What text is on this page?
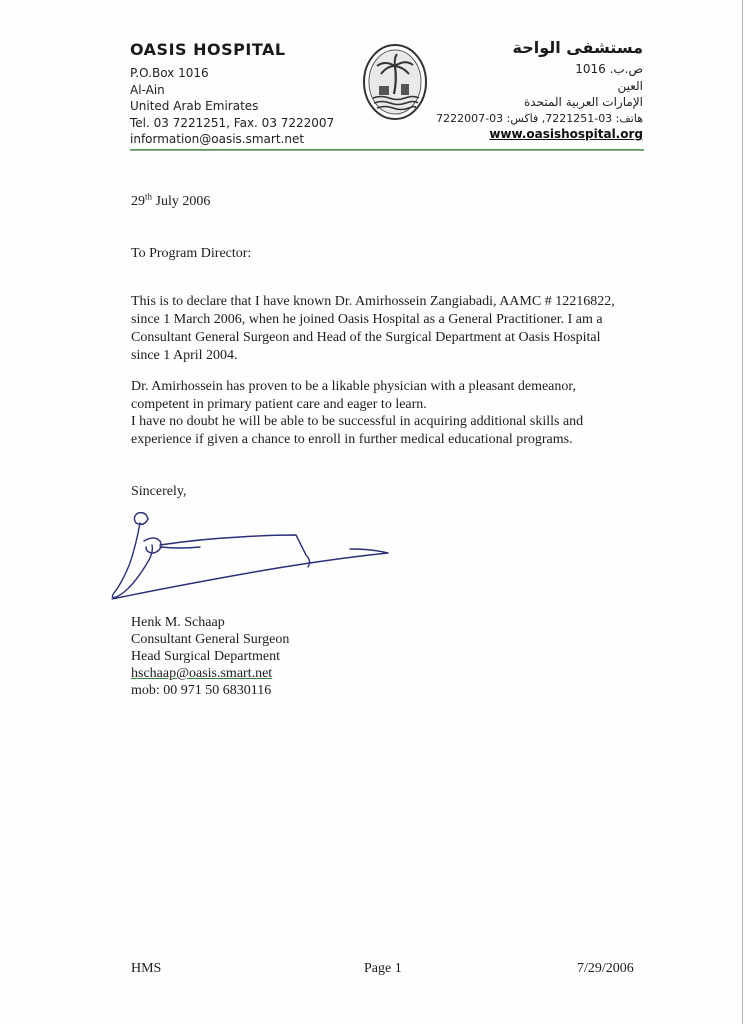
OASIS HOSPITAL
P.O.Box 1016
Al-Ain
United Arab Emirates
Tel. 03 7221251, Fax. 03 7222007
information@oasis.smart.net
مستشفى الواحة
ص.ب. 1016
العين
الإمارات العربية المتحدة
هاتف: 03-7221251, فاكس: 03-7222007
www.oasishospital.org
29th July 2006
To Program Director:
This is to declare that I have known Dr. Amirhossein Zangiabadi, AAMC # 12216822,
since 1 March 2006, when he joined Oasis Hospital as a General Practitioner. I am a
Consultant General Surgeon and Head of the Surgical Department at Oasis Hospital
since 1 April 2004.
Dr. Amirhossein has proven to be a likable physician with a pleasant demeanor,
competent in primary patient care and eager to learn.
I have no doubt he will be able to be successful in acquiring additional skills and
experience if given a chance to enroll in further medical educational programs.
Sincerely,
Henk M. Schaap
Consultant General Surgeon
Head Surgical Department
hschaap@oasis.smart.net
mob: 00 971 50 6830116
HMS	Page 1	7/29/2006
